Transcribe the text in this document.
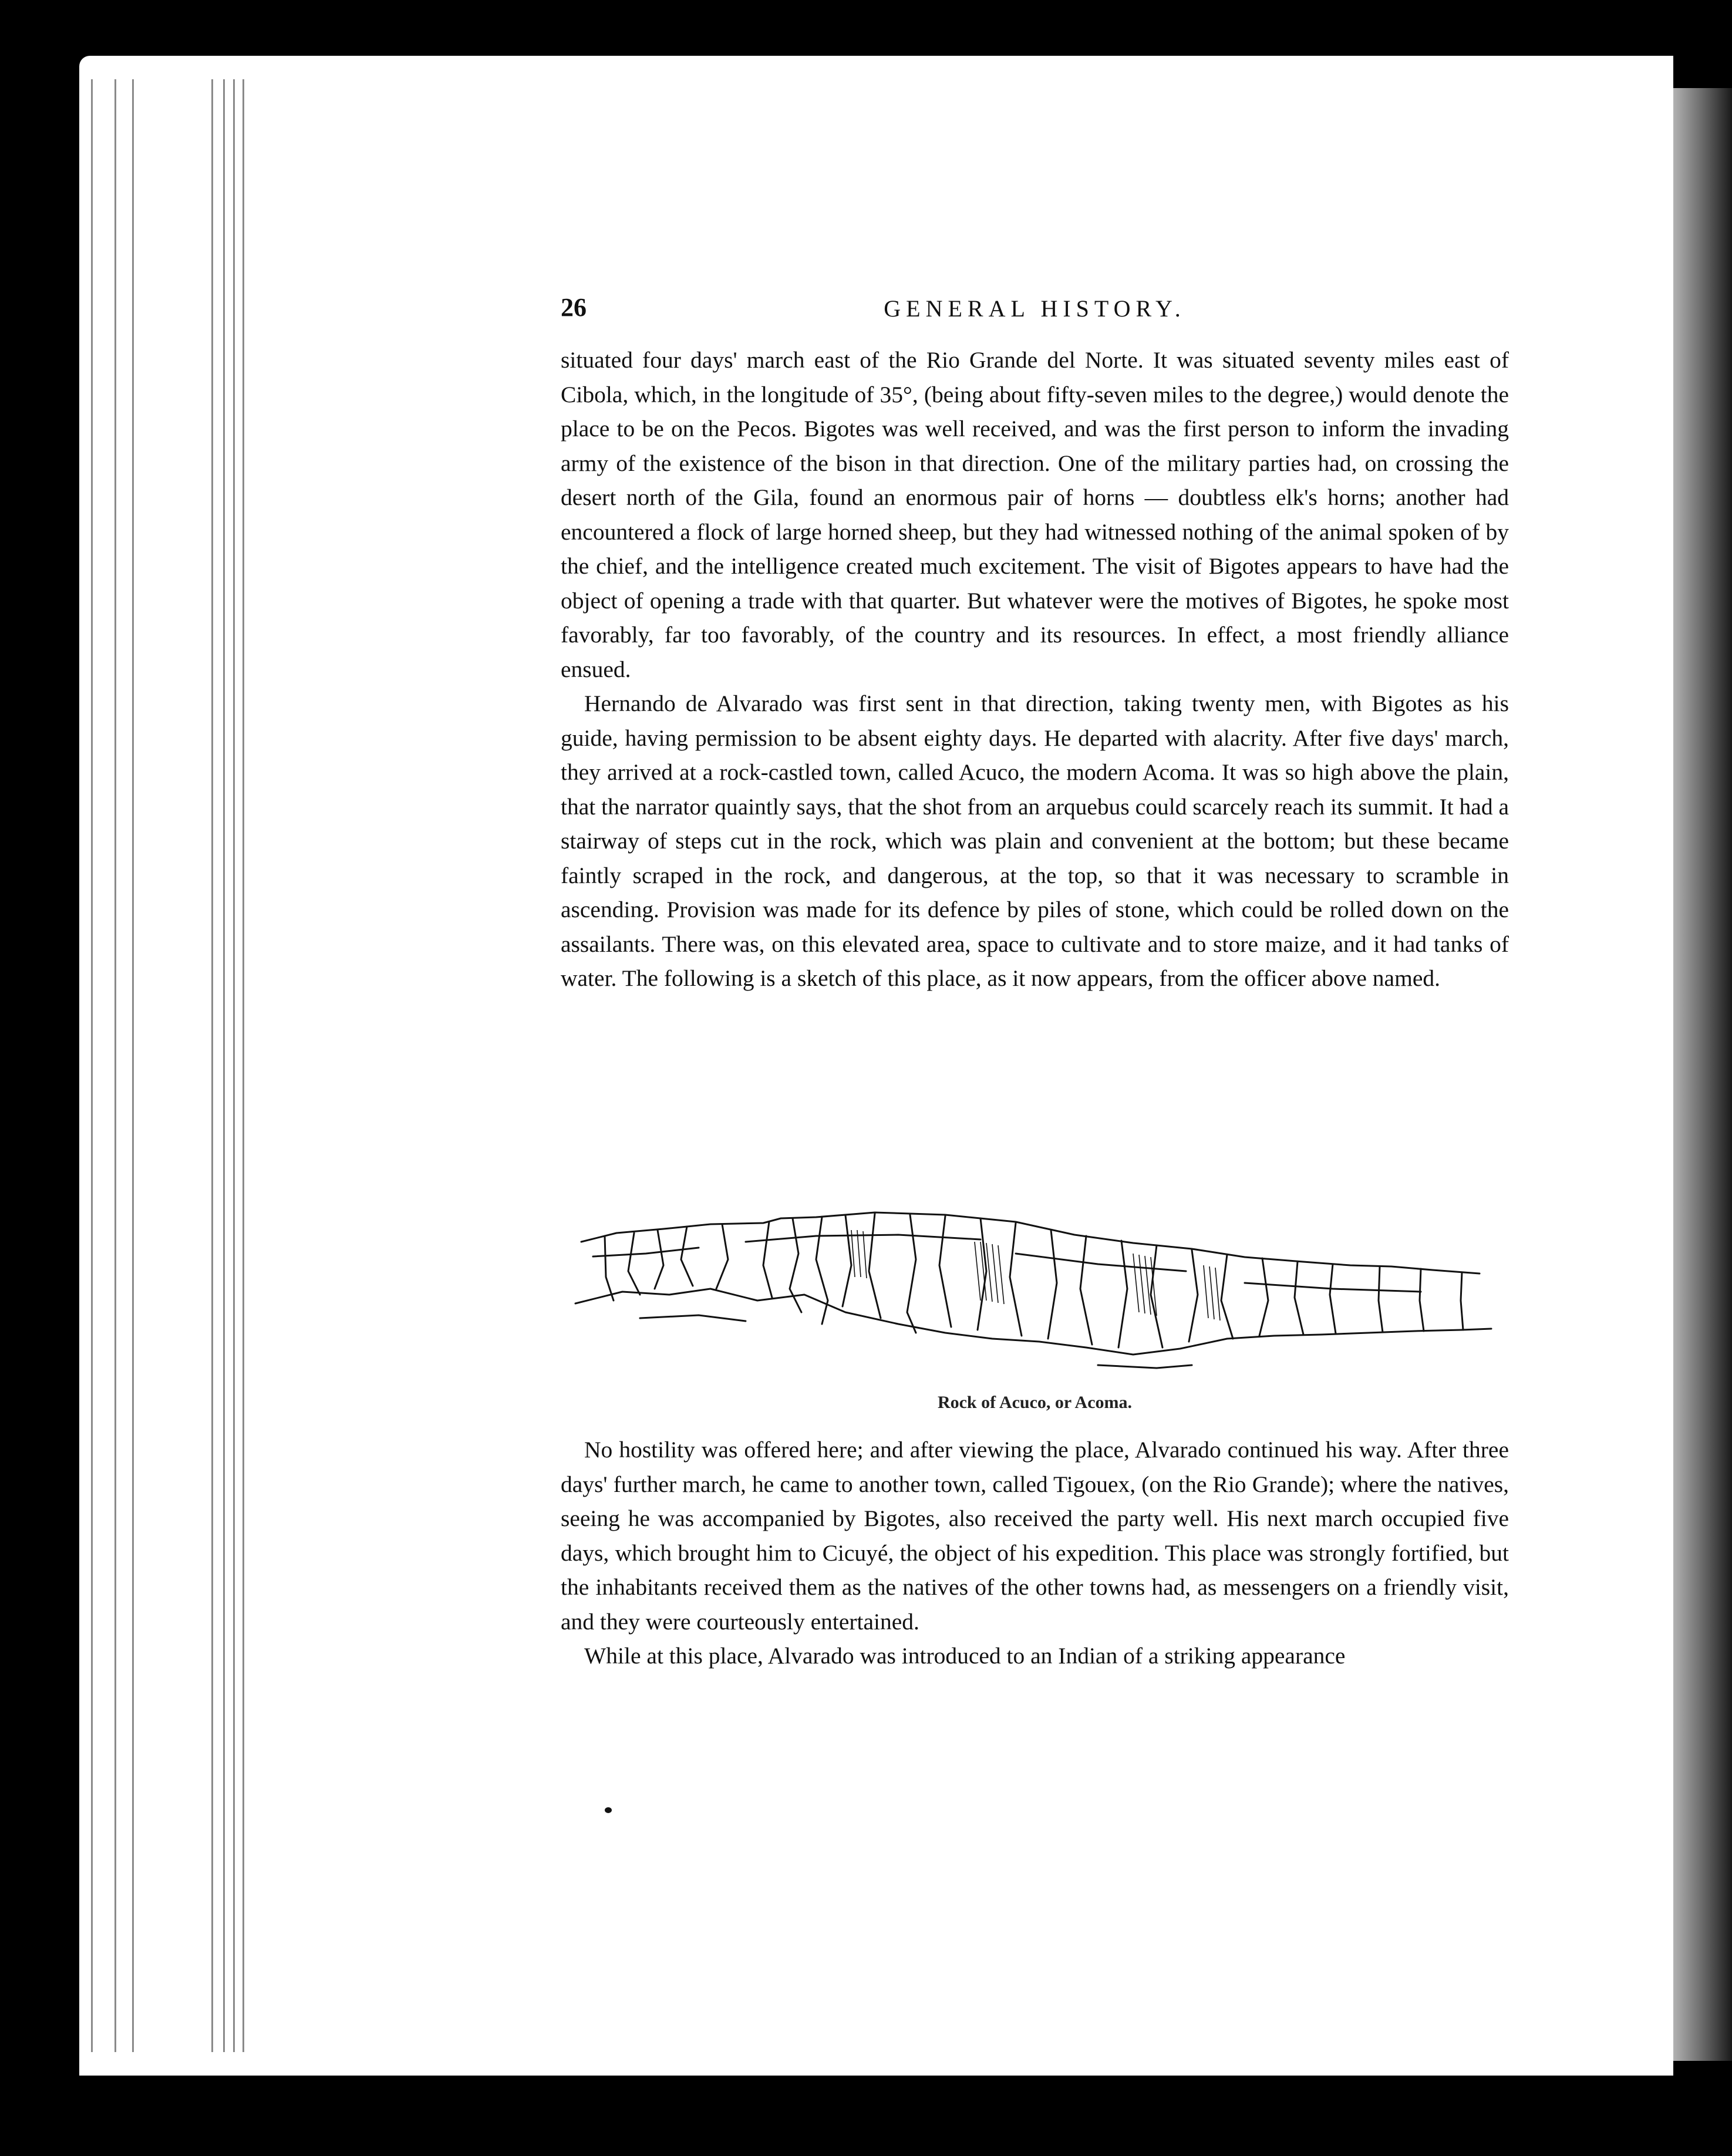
26	GENERAL HISTORY.

situated four days' march east of the Rio Grande del Norte. It was situated seventy miles east of Cibola, which, in the longitude of 35°, (being about fifty-seven miles to the degree,) would denote the place to be on the Pecos. Bigotes was well received, and was the first person to inform the invading army of the existence of the bison in that direction. One of the military parties had, on crossing the desert north of the Gila, found an enormous pair of horns — doubtless elk's horns; another had encountered a flock of large horned sheep, but they had witnessed nothing of the animal spoken of by the chief, and the intelligence created much excitement. The visit of Bigotes appears to have had the object of opening a trade with that quarter. But whatever were the motives of Bigotes, he spoke most favorably, far too favorably, of the country and its resources. In effect, a most friendly alliance ensued.

Hernando de Alvarado was first sent in that direction, taking twenty men, with Bigotes as his guide, having permission to be absent eighty days. He departed with alacrity. After five days' march, they arrived at a rock-castled town, called Acuco, the modern Acoma. It was so high above the plain, that the narrator quaintly says, that the shot from an arquebus could scarcely reach its summit. It had a stairway of steps cut in the rock, which was plain and convenient at the bottom; but these became faintly scraped in the rock, and dangerous, at the top, so that it was necessary to scramble in ascending. Provision was made for its defence by piles of stone, which could be rolled down on the assailants. There was, on this elevated area, space to cultivate and to store maize, and it had tanks of water. The following is a sketch of this place, as it now appears, from the officer above named.

Rock of Acuco, or Acoma.

No hostility was offered here; and after viewing the place, Alvarado continued his way. After three days' further march, he came to another town, called Tigouex, (on the Rio Grande); where the natives, seeing he was accompanied by Bigotes, also received the party well. His next march occupied five days, which brought him to Cicuyé, the object of his expedition. This place was strongly fortified, but the inhabitants received them as the natives of the other towns had, as messengers on a friendly visit, and they were courteously entertained.

While at this place, Alvarado was introduced to an Indian of a striking appearance
